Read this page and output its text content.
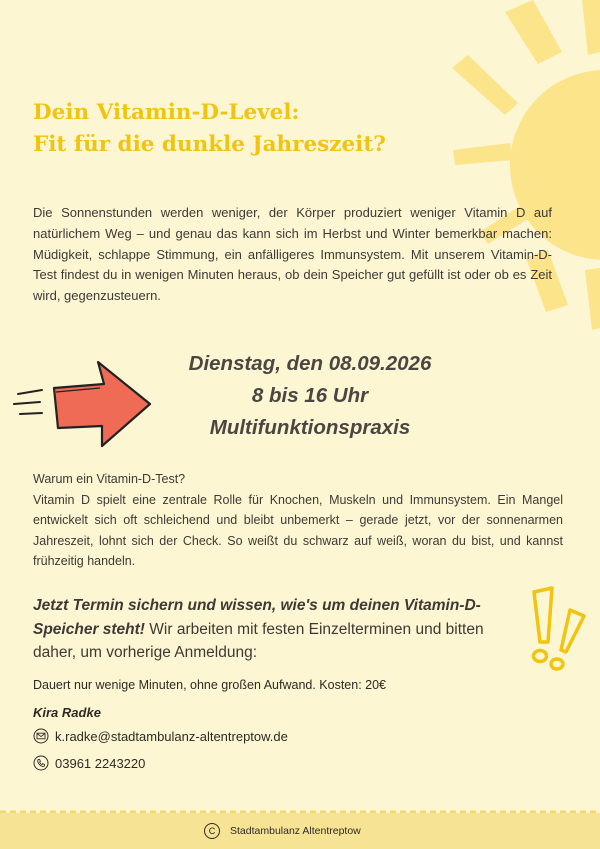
Dein Vitamin-D-Level:
Fit für die dunkle Jahreszeit?

Die Sonnenstunden werden weniger, der Körper produziert weniger Vitamin D auf natürlichem Weg – und genau das kann sich im Herbst und Winter bemerkbar machen: Müdigkeit, schlappe Stimmung, ein anfälligeres Immunsystem. Mit unserem Vitamin-D-Test findest du in wenigen Minuten heraus, ob dein Speicher gut gefüllt ist oder ob es Zeit wird, gegenzusteuern.

Dienstag, den 08.09.2026
8 bis 16 Uhr
Multifunktionspraxis

Warum ein Vitamin-D-Test?
Vitamin D spielt eine zentrale Rolle für Knochen, Muskeln und Immunsystem. Ein Mangel entwickelt sich oft schleichend und bleibt unbemerkt – gerade jetzt, vor der sonnenarmen Jahreszeit, lohnt sich der Check. So weißt du schwarz auf weiß, woran du bist, und kannst frühzeitig handeln.

Jetzt Termin sichern und wissen, wie's um deinen Vitamin-D-Speicher steht! Wir arbeiten mit festen Einzelterminen und bitten daher, um vorherige Anmeldung:

Dauert nur wenige Minuten, ohne großen Aufwand. Kosten: 20€

Kira Radke

k.radke@stadtambulanz-altentreptow.de
03961 2243220
C	Stadtambulanz Altentreptow
